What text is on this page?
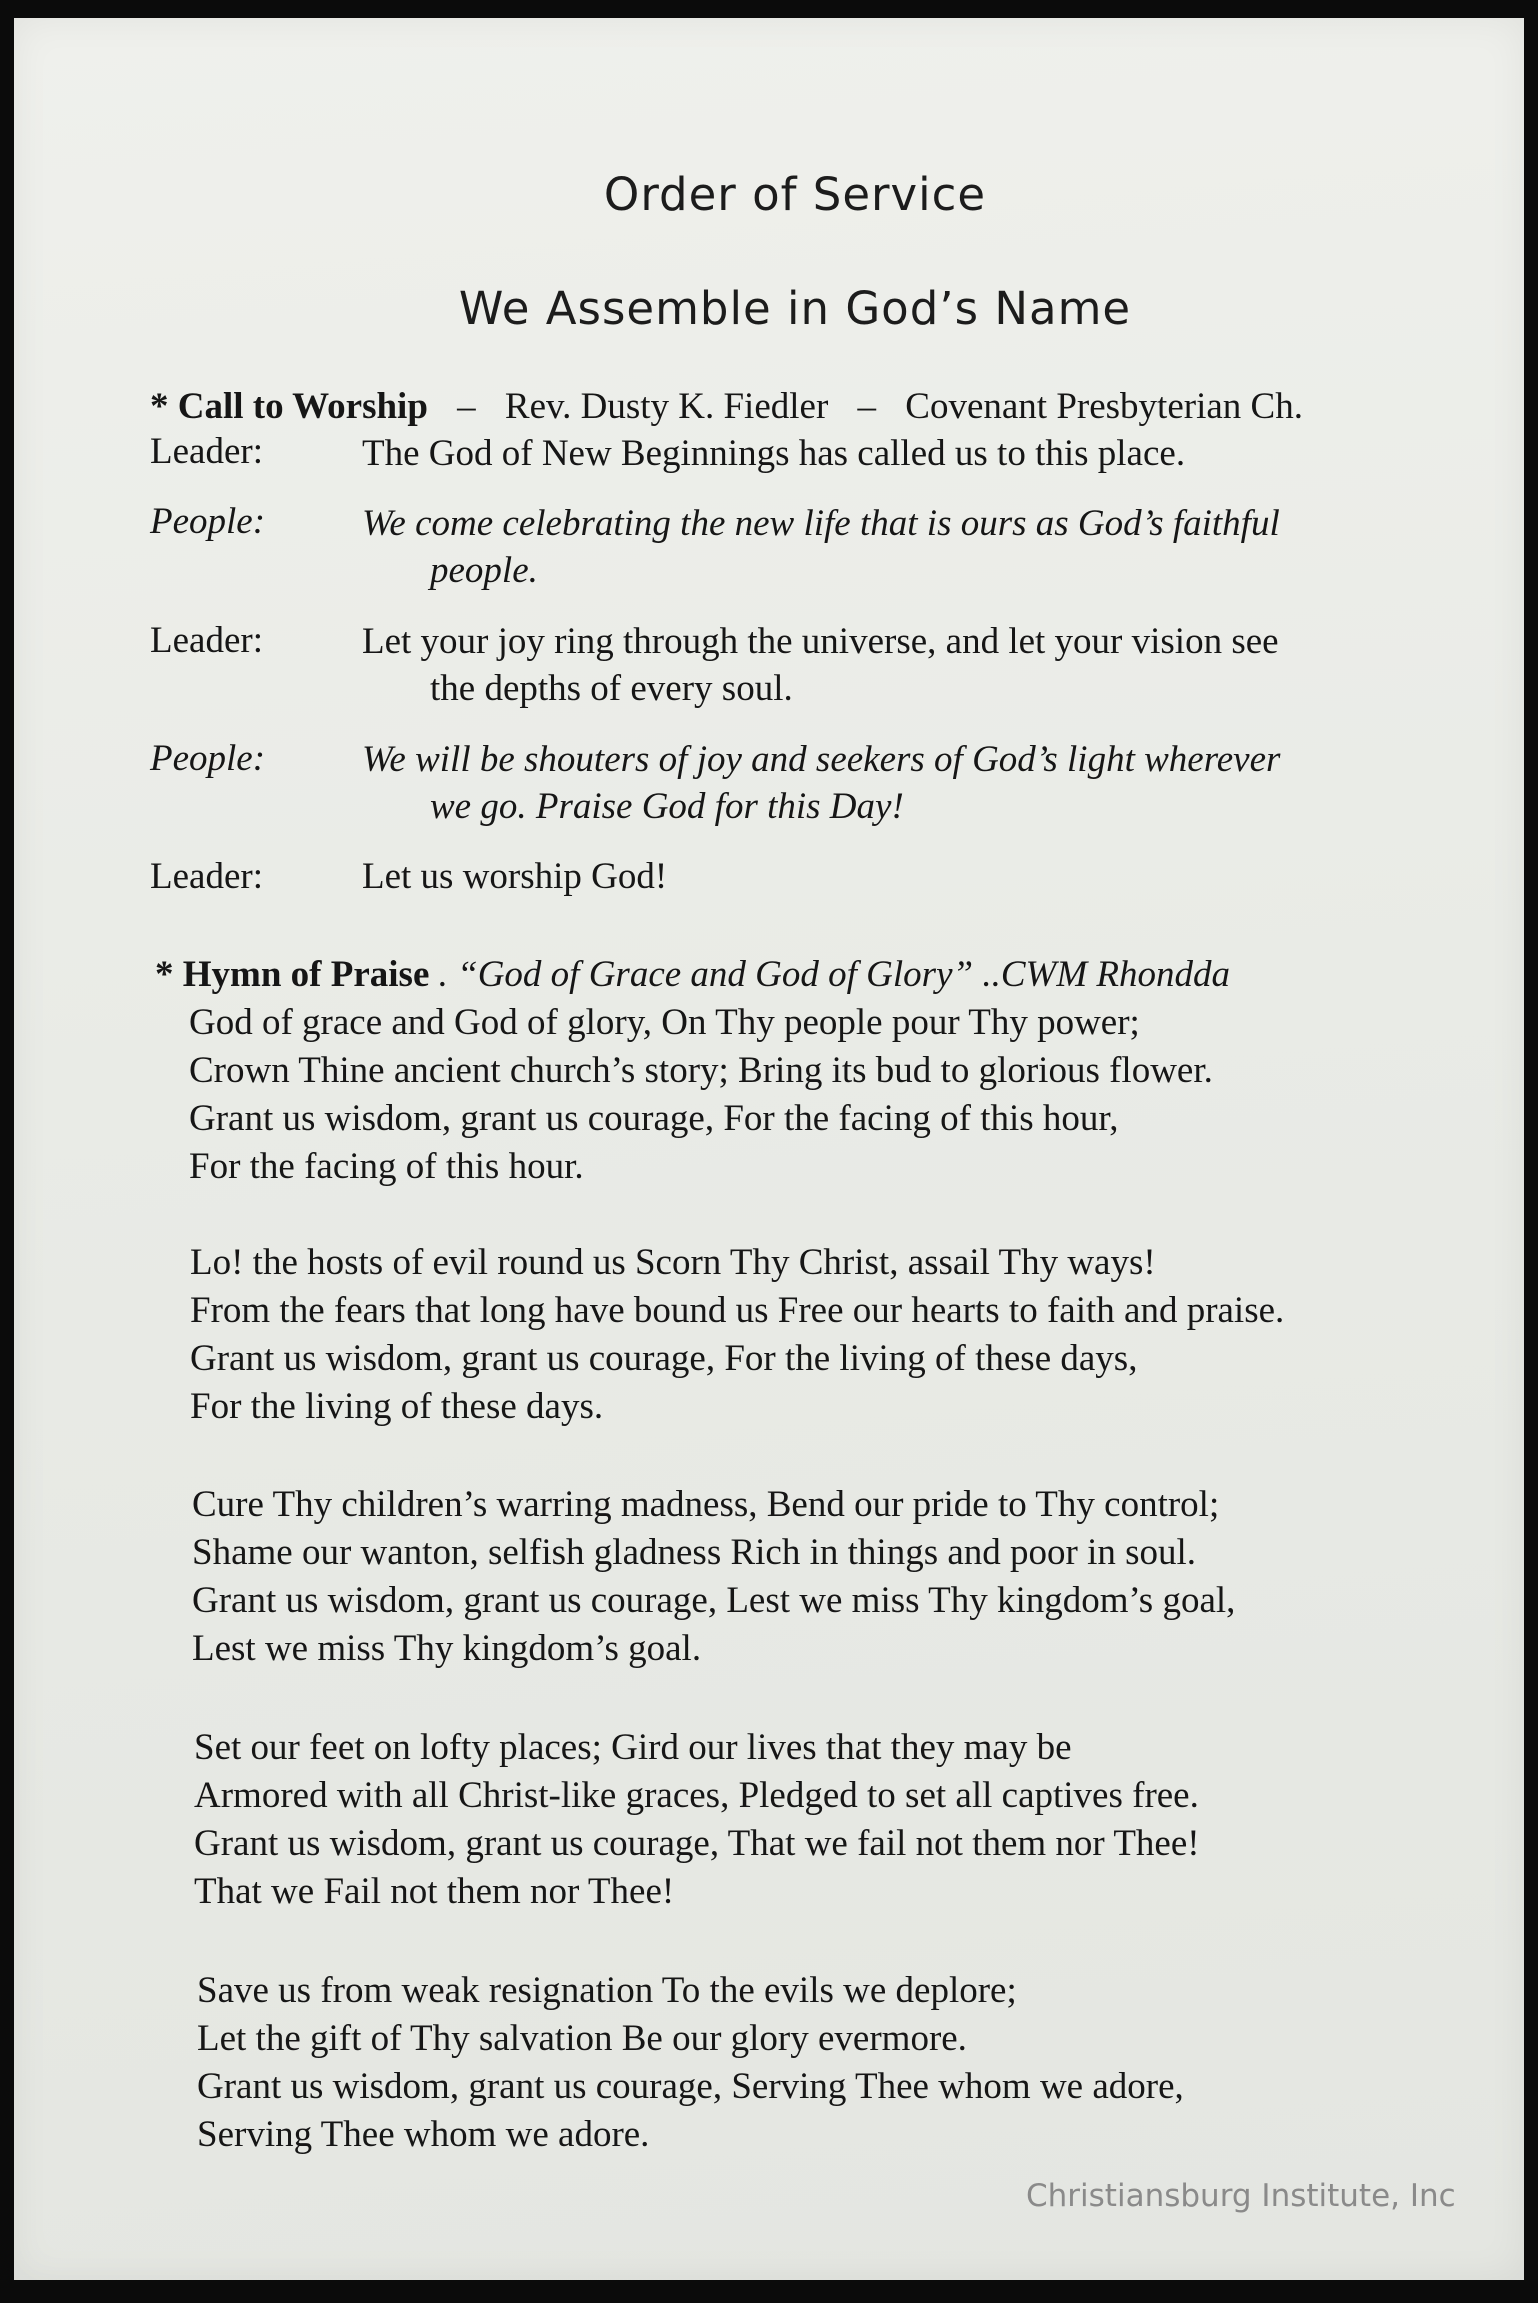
Order of Service
We Assemble in God’s Name
* Call to Worship – Rev. Dusty K. Fiedler – Covenant Presbyterian Ch.
Leader:	The God of New Beginnings has called us to this place.
People:	We come celebrating the new life that is ours as God’s faithful
people.
Leader:	Let your joy ring through the universe, and let your vision see
the depths of every soul.
People:	We will be shouters of joy and seekers of God’s light wherever
we go. Praise God for this Day!
Leader:	Let us worship God!
* Hymn of Praise . “God of Grace and God of Glory” ..CWM Rhondda
God of grace and God of glory, On Thy people pour Thy power;
Crown Thine ancient church’s story; Bring its bud to glorious flower.
Grant us wisdom, grant us courage, For the facing of this hour,
For the facing of this hour.
Lo! the hosts of evil round us Scorn Thy Christ, assail Thy ways!
From the fears that long have bound us Free our hearts to faith and praise.
Grant us wisdom, grant us courage, For the living of these days,
For the living of these days.
Cure Thy children’s warring madness, Bend our pride to Thy control;
Shame our wanton, selfish gladness Rich in things and poor in soul.
Grant us wisdom, grant us courage, Lest we miss Thy kingdom’s goal,
Lest we miss Thy kingdom’s goal.
Set our feet on lofty places; Gird our lives that they may be
Armored with all Christ-like graces, Pledged to set all captives free.
Grant us wisdom, grant us courage, That we fail not them nor Thee!
That we Fail not them nor Thee!
Save us from weak resignation To the evils we deplore;
Let the gift of Thy salvation Be our glory evermore.
Grant us wisdom, grant us courage, Serving Thee whom we adore,
Serving Thee whom we adore.
Christiansburg Institute, Inc
